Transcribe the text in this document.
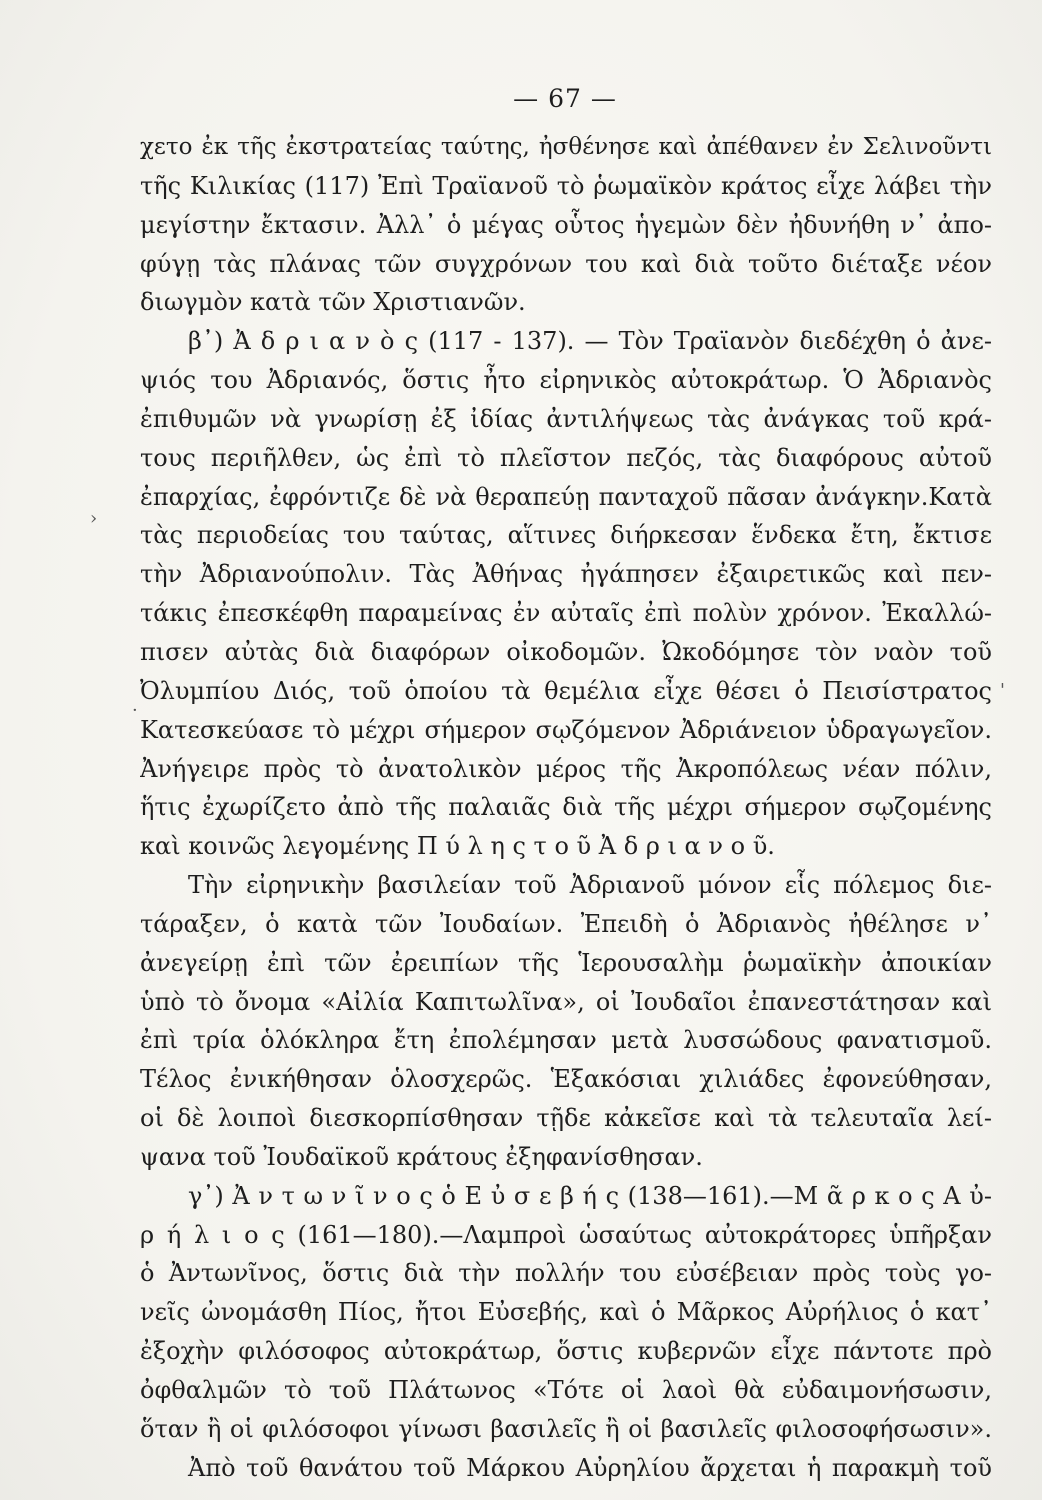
— 67 —
χετο ἐκ τῆς ἐκστρατείας ταύτης, ἠσθένησε καὶ ἀπέθανεν ἐν Σελινοῦντι
τῆς Κιλικίας (117) Ἐπὶ Τραϊανοῦ τὸ ῥωμαϊκὸν κράτος εἶχε λάβει τὴν
μεγίστην ἔκτασιν. Ἀλλ᾽ ὁ μέγας οὗτος ἡγεμὼν δὲν ἠδυνήθη ν᾽ ἀπο-
φύγῃ τὰς πλάνας τῶν συγχρόνων του καὶ διὰ τοῦτο διέταξε νέον
διωγμὸν κατὰ τῶν Χριστιανῶν.
β᾽) Ἀ δ ρ ι α ν ὸ ς (117 - 137). — Τὸν Τραϊανὸν διεδέχθη ὁ ἀνε-
ψιός του Ἀδριανός, ὅστις ἦτο εἰρηνικὸς αὐτοκράτωρ. Ὁ Ἀδριανὸς
ἐπιθυμῶν νὰ γνωρίσῃ ἐξ ἰδίας ἀντιλήψεως τὰς ἀνάγκας τοῦ κρά-
τους περιῆλθεν, ὡς ἐπὶ τὸ πλεῖστον πεζός, τὰς διαφόρους αὐτοῦ
ἐπαρχίας, ἐφρόντιζε δὲ νὰ θεραπεύῃ πανταχοῦ πᾶσαν ἀνάγκην.Κατὰ
τὰς περιοδείας του ταύτας, αἵτινες διήρκεσαν ἕνδεκα ἔτη, ἔκτισε
τὴν Ἀδριανούπολιν. Τὰς Ἀθήνας ἠγάπησεν ἐξαιρετικῶς καὶ πεν-
τάκις ἐπεσκέφθη παραμείνας ἐν αὐταῖς ἐπὶ πολὺν χρόνον. Ἐκαλλώ-
πισεν αὐτὰς διὰ διαφόρων οἰκοδομῶν. Ὠκοδόμησε τὸν ναὸν τοῦ
Ὀλυμπίου Διός, τοῦ ὁποίου τὰ θεμέλια εἶχε θέσει ὁ Πεισίστρατος
Κατεσκεύασε τὸ μέχρι σήμερον σῳζόμενον Ἀδριάνειον ὑδραγωγεῖον.
Ἀνήγειρε πρὸς τὸ ἀνατολικὸν μέρος τῆς Ἀκροπόλεως νέαν πόλιν,
ἥτις ἐχωρίζετο ἀπὸ τῆς παλαιᾶς διὰ τῆς μέχρι σήμερον σῳζομένης
καὶ κοινῶς λεγομένης Π ύ λ η ς τ ο ῦ Ἀ δ ρ ι α ν ο ῦ.
Τὴν εἰρηνικὴν βασιλείαν τοῦ Ἀδριανοῦ μόνον εἷς πόλεμος διε-
τάραξεν, ὁ κατὰ τῶν Ἰουδαίων. Ἐπειδὴ ὁ Ἀδριανὸς ἠθέλησε ν᾽
ἀνεγείρῃ ἐπὶ τῶν ἐρειπίων τῆς Ἱερουσαλὴμ ῥωμαϊκὴν ἀποικίαν
ὑπὸ τὸ ὄνομα «Αἰλία Καπιτωλῖνα», οἱ Ἰουδαῖοι ἐπανεστάτησαν καὶ
ἐπὶ τρία ὁλόκληρα ἔτη ἐπολέμησαν μετὰ λυσσώδους φανατισμοῦ.
Τέλος ἐνικήθησαν ὁλοσχερῶς. Ἑξακόσιαι χιλιάδες ἐφονεύθησαν,
οἱ δὲ λοιποὶ διεσκορπίσθησαν τῇδε κἀκεῖσε καὶ τὰ τελευταῖα λεί-
ψανα τοῦ Ἰουδαϊκοῦ κράτους ἐξηφανίσθησαν.
γ᾽) Ἀ ν τ ω ν ῖ ν ο ς ὁ Ε ὐ σ ε β ή ς (138—161).—Μ ᾶ ρ κ ο ς Α ὐ-
ρ ή λ ι ο ς (161—180).—Λαμπροὶ ὡσαύτως αὐτοκράτορες ὑπῆρξαν
ὁ Ἀντωνῖνος, ὅστις διὰ τὴν πολλήν του εὐσέβειαν πρὸς τοὺς γο-
νεῖς ὠνομάσθη Πίος, ἤτοι Εὐσεβής, καὶ ὁ Μᾶρκος Αὐρήλιος ὁ κατ᾽
ἐξοχὴν φιλόσοφος αὐτοκράτωρ, ὅστις κυβερνῶν εἶχε πάντοτε πρὸ
ὀφθαλμῶν τὸ τοῦ Πλάτωνος «Τότε οἱ λαοὶ θὰ εὐδαιμονήσωσιν,
ὅταν ἢ οἱ φιλόσοφοι γίνωσι βασιλεῖς ἢ οἱ βασιλεῖς φιλοσοφήσωσιν».
Ἀπὸ τοῦ θανάτου τοῦ Μάρκου Αὐρηλίου ἄρχεται ἡ παρακμὴ τοῦ
›
·
'
